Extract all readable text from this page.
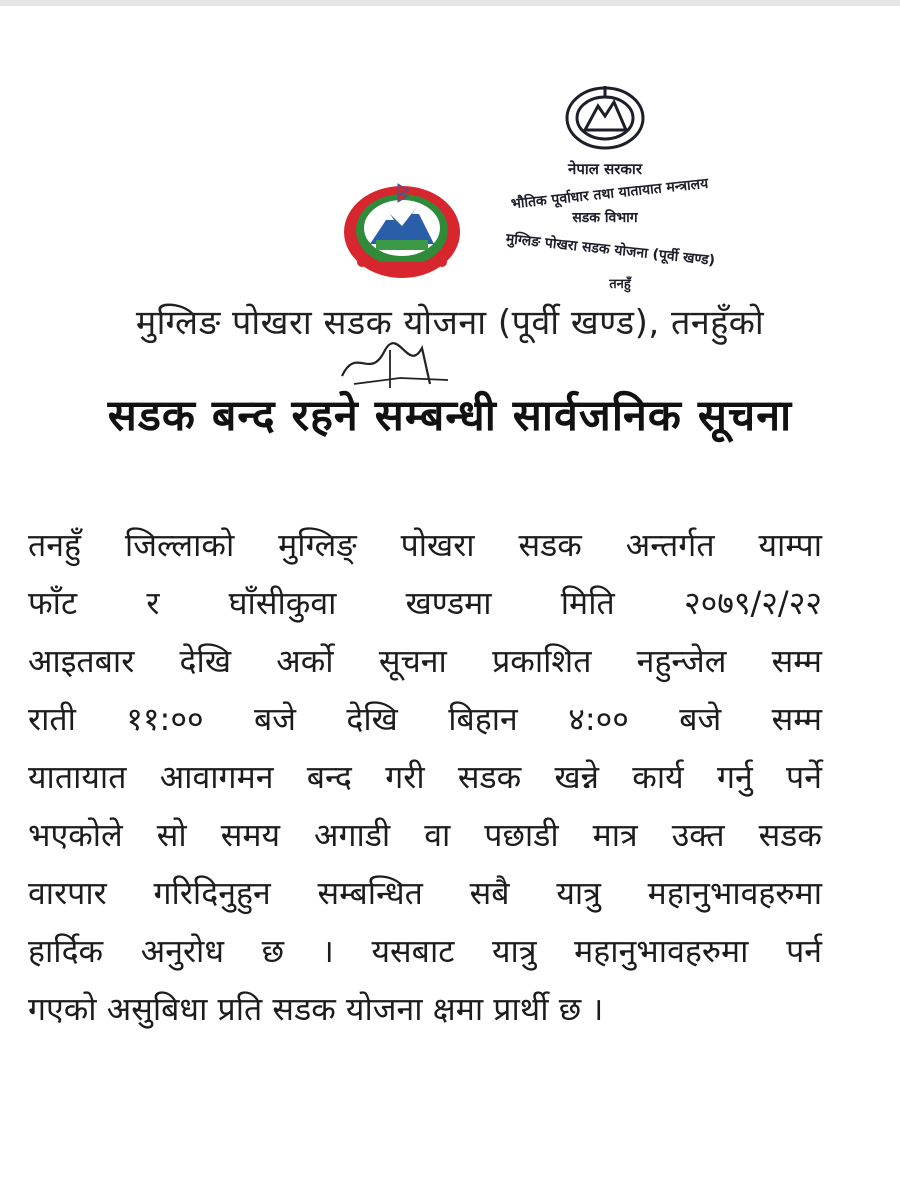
नेपाल सरकार
भौतिक पूर्वाधार तथा यातायात मन्त्रालय
सडक विभाग
मुग्लिङ पोखरा सडक योजना (पूर्वी खण्ड)
तनहुँ
मुग्लिङ पोखरा सडक योजना (पूर्वी खण्ड), तनहुँको
सडक बन्द रहने सम्बन्धी सार्वजनिक सूचना
तनहुँ जिल्लाको मुग्लिङ् पोखरा सडक अन्तर्गत याम्पा
फाँट र घाँसीकुवा खण्डमा मिति २०७९/२/२२
आइतबार देखि अर्को सूचना प्रकाशित नहुन्जेल सम्म
राती ११:०० बजे देखि बिहान ४:०० बजे सम्म
यातायात आवागमन बन्द गरी सडक खन्ने कार्य गर्नु पर्ने
भएकोले सो समय अगाडी वा पछाडी मात्र उक्त सडक
वारपार गरिदिनुहुन सम्बन्धित सबै यात्रु महानुभावहरुमा
हार्दिक अनुरोध छ । यसबाट यात्रु महानुभावहरुमा पर्न
गएको असुबिधा प्रति सडक योजना क्षमा प्रार्थी छ ।
